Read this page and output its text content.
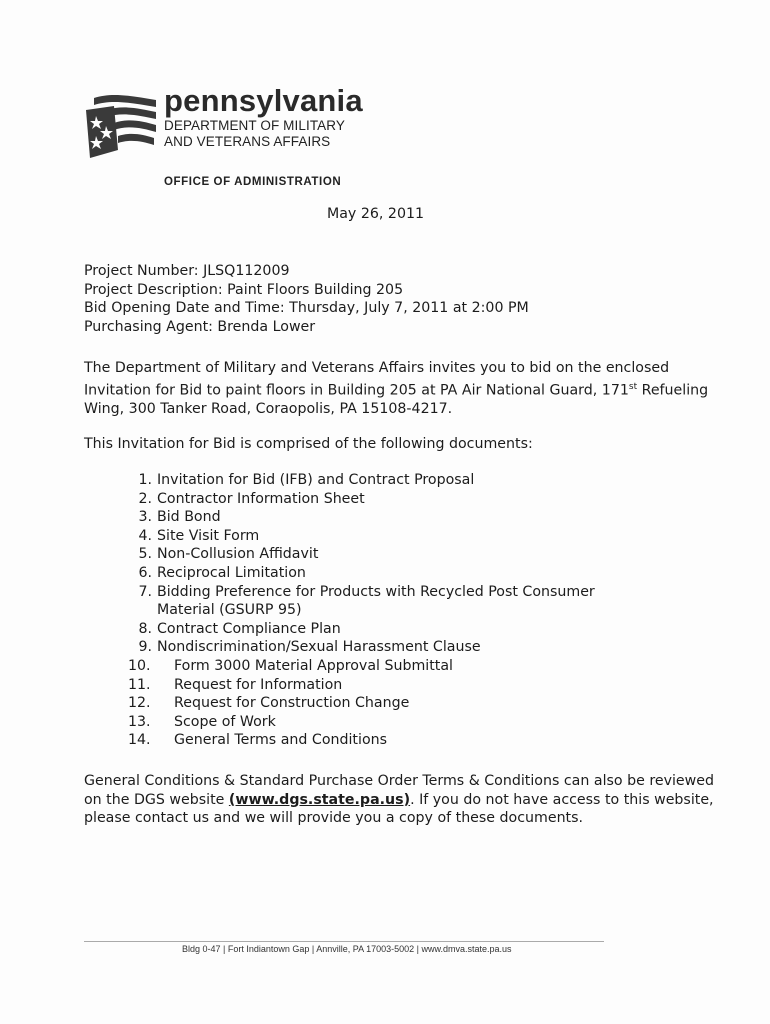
pennsylvania
DEPARTMENT OF MILITARY
AND VETERANS AFFAIRS
OFFICE OF ADMINISTRATION
May 26, 2011
Project Number: JLSQ112009
Project Description: Paint Floors Building 205
Bid Opening Date and Time: Thursday, July 7, 2011 at 2:00 PM
Purchasing Agent: Brenda Lower
The Department of Military and Veterans Affairs invites you to bid on the enclosed Invitation for Bid to paint floors in Building 205 at PA Air National Guard, 171st Refueling Wing, 300 Tanker Road, Coraopolis, PA 15108-4217.
This Invitation for Bid is comprised of the following documents:
1. Invitation for Bid (IFB) and Contract Proposal
2. Contractor Information Sheet
3. Bid Bond
4. Site Visit Form
5. Non-Collusion Affidavit
6. Reciprocal Limitation
7. Bidding Preference for Products with Recycled Post Consumer
Material (GSURP 95)
8. Contract Compliance Plan
9. Nondiscrimination/Sexual Harassment Clause
10.	Form 3000 Material Approval Submittal
11.	Request for Information
12.	Request for Construction Change
13.	Scope of Work
14.	General Terms and Conditions
General Conditions & Standard Purchase Order Terms & Conditions can also be reviewed on the DGS website (www.dgs.state.pa.us). If you do not have access to this website, please contact us and we will provide you a copy of these documents.
Bldg 0-47 | Fort Indiantown Gap | Annville, PA 17003-5002 | www.dmva.state.pa.us
